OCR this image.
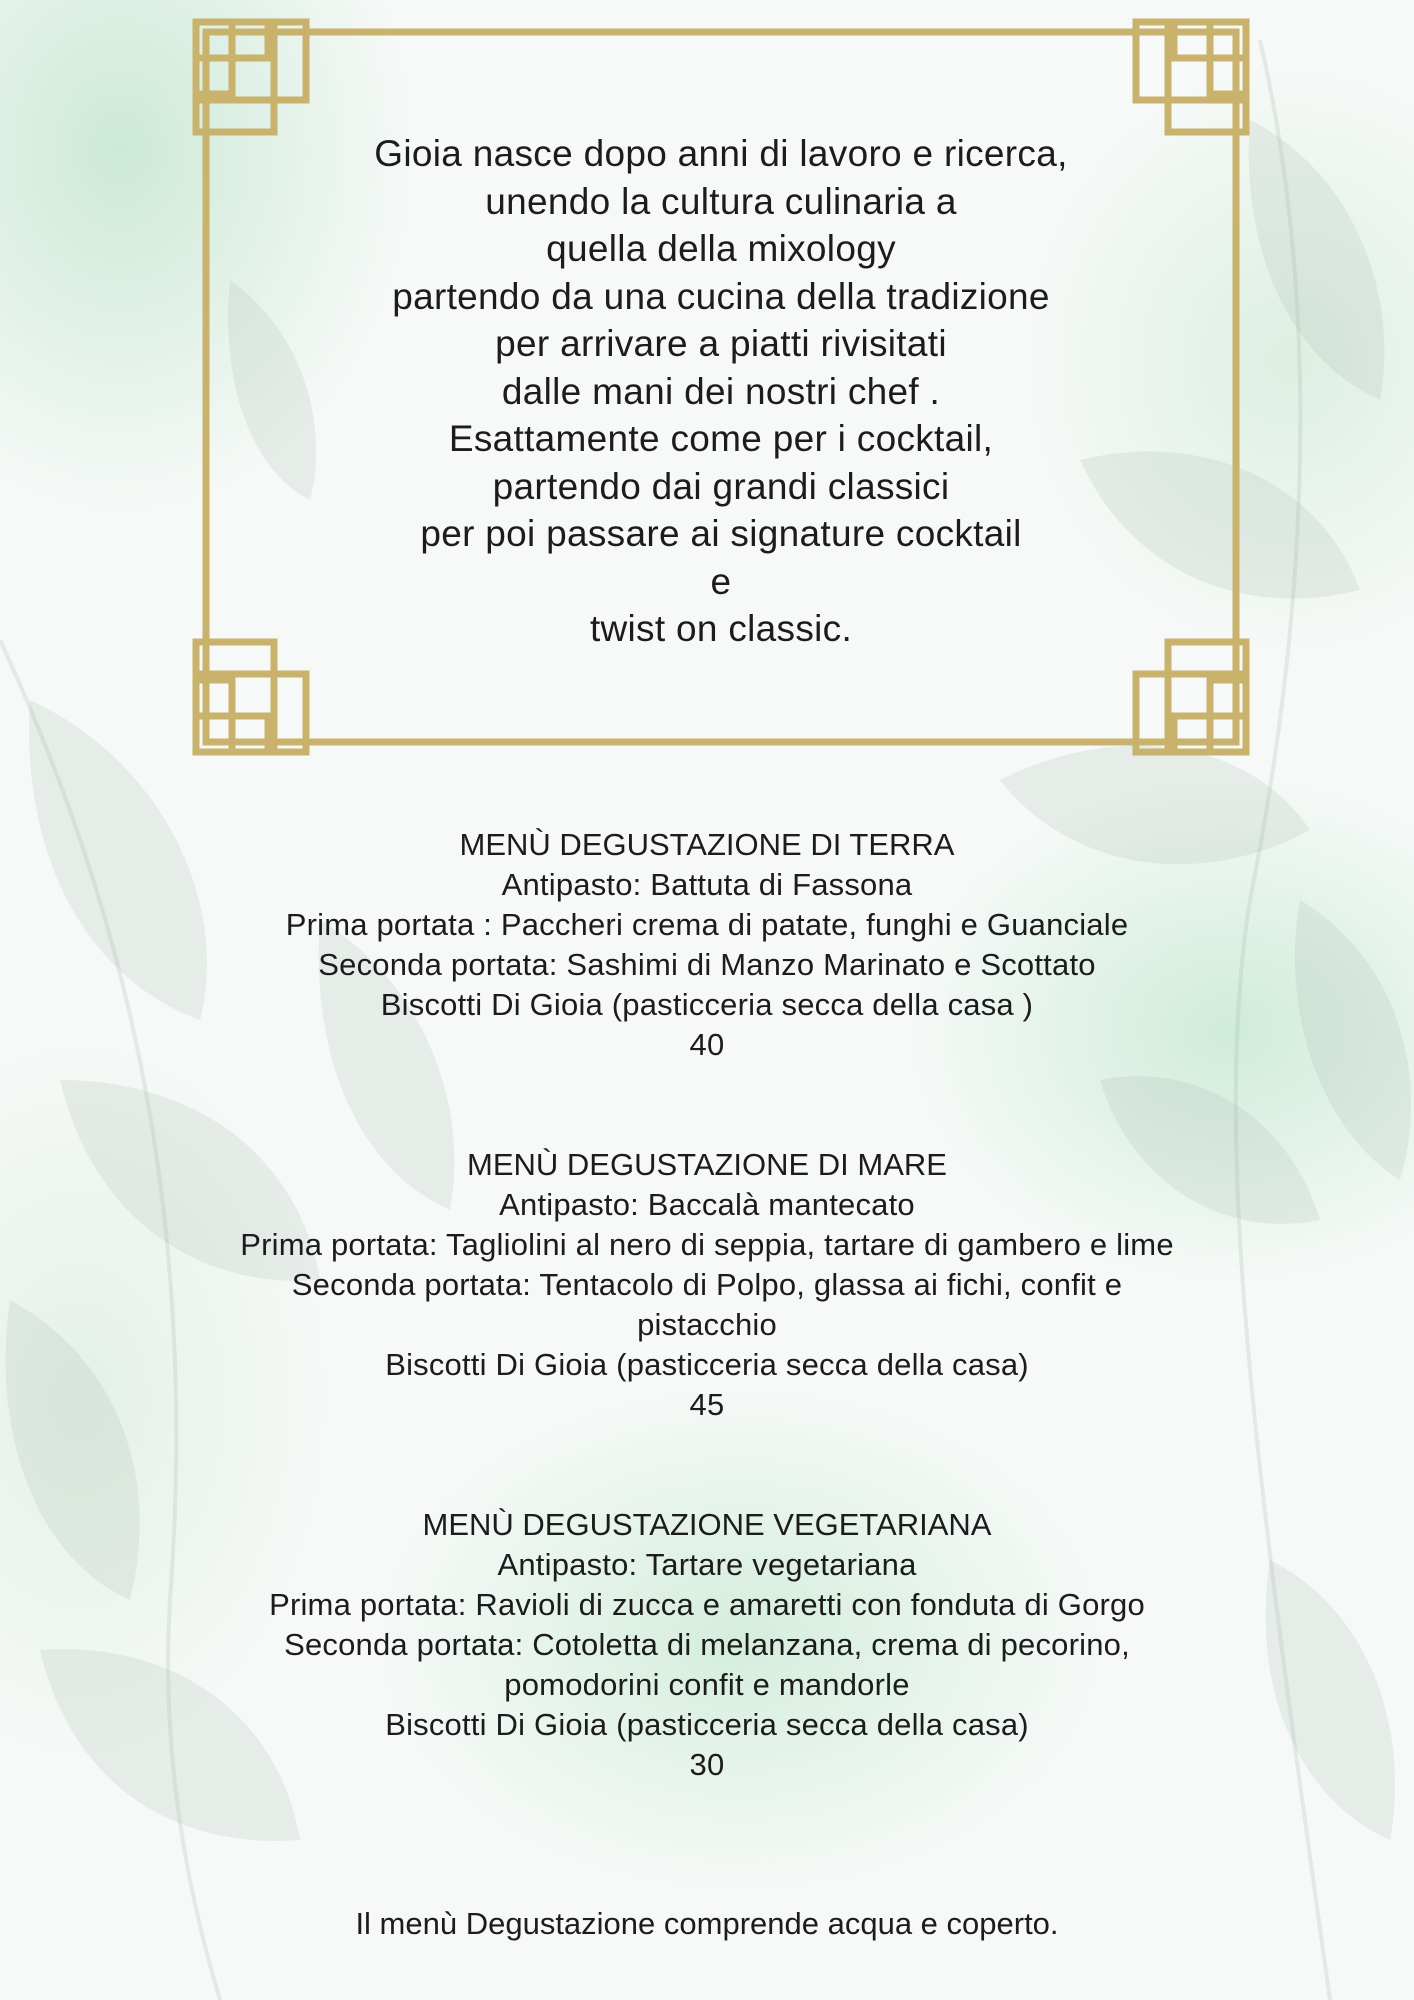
Gioia nasce dopo anni di lavoro e ricerca,
unendo la cultura culinaria a
quella della mixology
partendo da una cucina della tradizione
per arrivare a piatti rivisitati
dalle mani dei nostri chef .
Esattamente come per i cocktail,
partendo dai grandi classici
per poi passare ai signature cocktail
e
twist on classic.
MENÙ DEGUSTAZIONE DI TERRA
Antipasto: Battuta di Fassona
Prima portata : Paccheri crema di patate, funghi e Guanciale
Seconda portata: Sashimi di Manzo Marinato e Scottato
Biscotti Di Gioia (pasticceria secca della casa )
40
MENÙ DEGUSTAZIONE DI MARE
Antipasto: Baccalà mantecato
Prima portata: Tagliolini al nero di seppia, tartare di gambero e lime
Seconda portata: Tentacolo di Polpo, glassa ai fichi, confit e
pistacchio
Biscotti Di Gioia (pasticceria secca della casa)
45
MENÙ DEGUSTAZIONE VEGETARIANA
Antipasto: Tartare vegetariana
Prima portata: Ravioli di zucca e amaretti con fonduta di Gorgo
Seconda portata: Cotoletta di melanzana, crema di pecorino,
pomodorini confit e mandorle
Biscotti Di Gioia (pasticceria secca della casa)
30

Il menù Degustazione comprende acqua e coperto.
